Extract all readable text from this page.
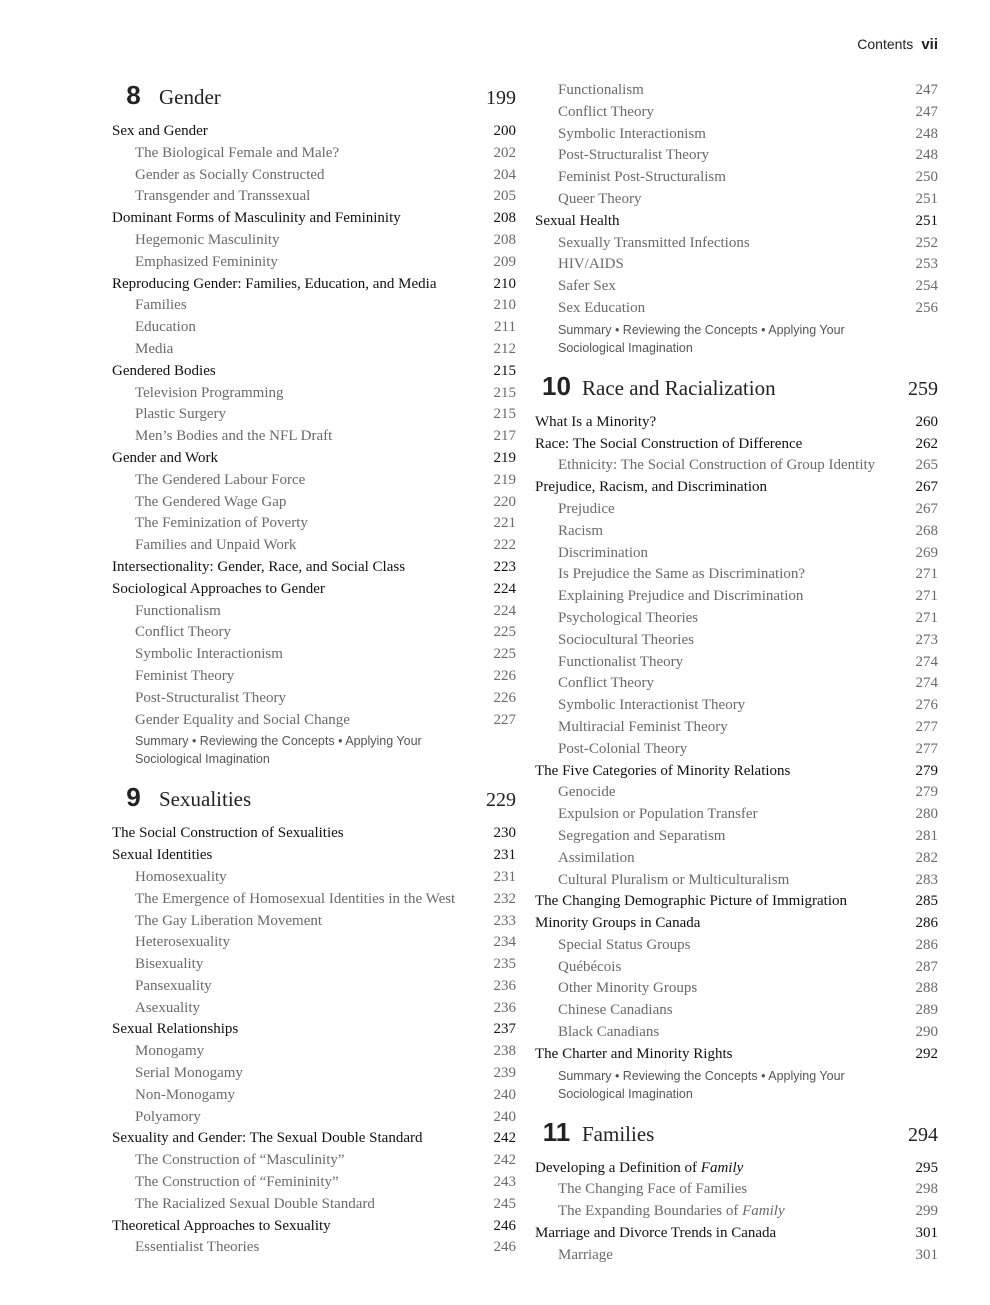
Contents vii
8 Gender	199
Sex and Gender	200
The Biological Female and Male?	202
Gender as Socially Constructed	204
Transgender and Transsexual	205
Dominant Forms of Masculinity and Femininity	208
Hegemonic Masculinity	208
Emphasized Femininity	209
Reproducing Gender: Families, Education, and Media	210
Families	210
Education	211
Media	212
Gendered Bodies	215
Television Programming	215
Plastic Surgery	215
Men’s Bodies and the NFL Draft	217
Gender and Work	219
The Gendered Labour Force	219
The Gendered Wage Gap	220
The Feminization of Poverty	221
Families and Unpaid Work	222
Intersectionality: Gender, Race, and Social Class	223
Sociological Approaches to Gender	224
Functionalism	224
Conflict Theory	225
Symbolic Interactionism	225
Feminist Theory	226
Post-Structuralist Theory	226
Gender Equality and Social Change	227
Summary • Reviewing the Concepts • Applying Your
Sociological Imagination
9 Sexualities	229
The Social Construction of Sexualities	230
Sexual Identities	231
Homosexuality	231
The Emergence of Homosexual Identities in the West	232
The Gay Liberation Movement	233
Heterosexuality	234
Bisexuality	235
Pansexuality	236
Asexuality	236
Sexual Relationships	237
Monogamy	238
Serial Monogamy	239
Non-Monogamy	240
Polyamory	240
Sexuality and Gender: The Sexual Double Standard	242
The Construction of “Masculinity”	242
The Construction of “Femininity”	243
The Racialized Sexual Double Standard	245
Theoretical Approaches to Sexuality	246
Essentialist Theories	246
Functionalism	247
Conflict Theory	247
Symbolic Interactionism	248
Post-Structuralist Theory	248
Feminist Post-Structuralism	250
Queer Theory	251
Sexual Health	251
Sexually Transmitted Infections	252
HIV/AIDS	253
Safer Sex	254
Sex Education	256
Summary • Reviewing the Concepts • Applying Your
Sociological Imagination
10 Race and Racialization	259
What Is a Minority?	260
Race: The Social Construction of Difference	262
Ethnicity: The Social Construction of Group Identity	265
Prejudice, Racism, and Discrimination	267
Prejudice	267
Racism	268
Discrimination	269
Is Prejudice the Same as Discrimination?	271
Explaining Prejudice and Discrimination	271
Psychological Theories	271
Sociocultural Theories	273
Functionalist Theory	274
Conflict Theory	274
Symbolic Interactionist Theory	276
Multiracial Feminist Theory	277
Post-Colonial Theory	277
The Five Categories of Minority Relations	279
Genocide	279
Expulsion or Population Transfer	280
Segregation and Separatism	281
Assimilation	282
Cultural Pluralism or Multiculturalism	283
The Changing Demographic Picture of Immigration	285
Minority Groups in Canada	286
Special Status Groups	286
Québécois	287
Other Minority Groups	288
Chinese Canadians	289
Black Canadians	290
The Charter and Minority Rights	292
Summary • Reviewing the Concepts • Applying Your
Sociological Imagination
11 Families	294
Developing a Definition of Family	295
The Changing Face of Families	298
The Expanding Boundaries of Family	299
Marriage and Divorce Trends in Canada	301
Marriage	301
